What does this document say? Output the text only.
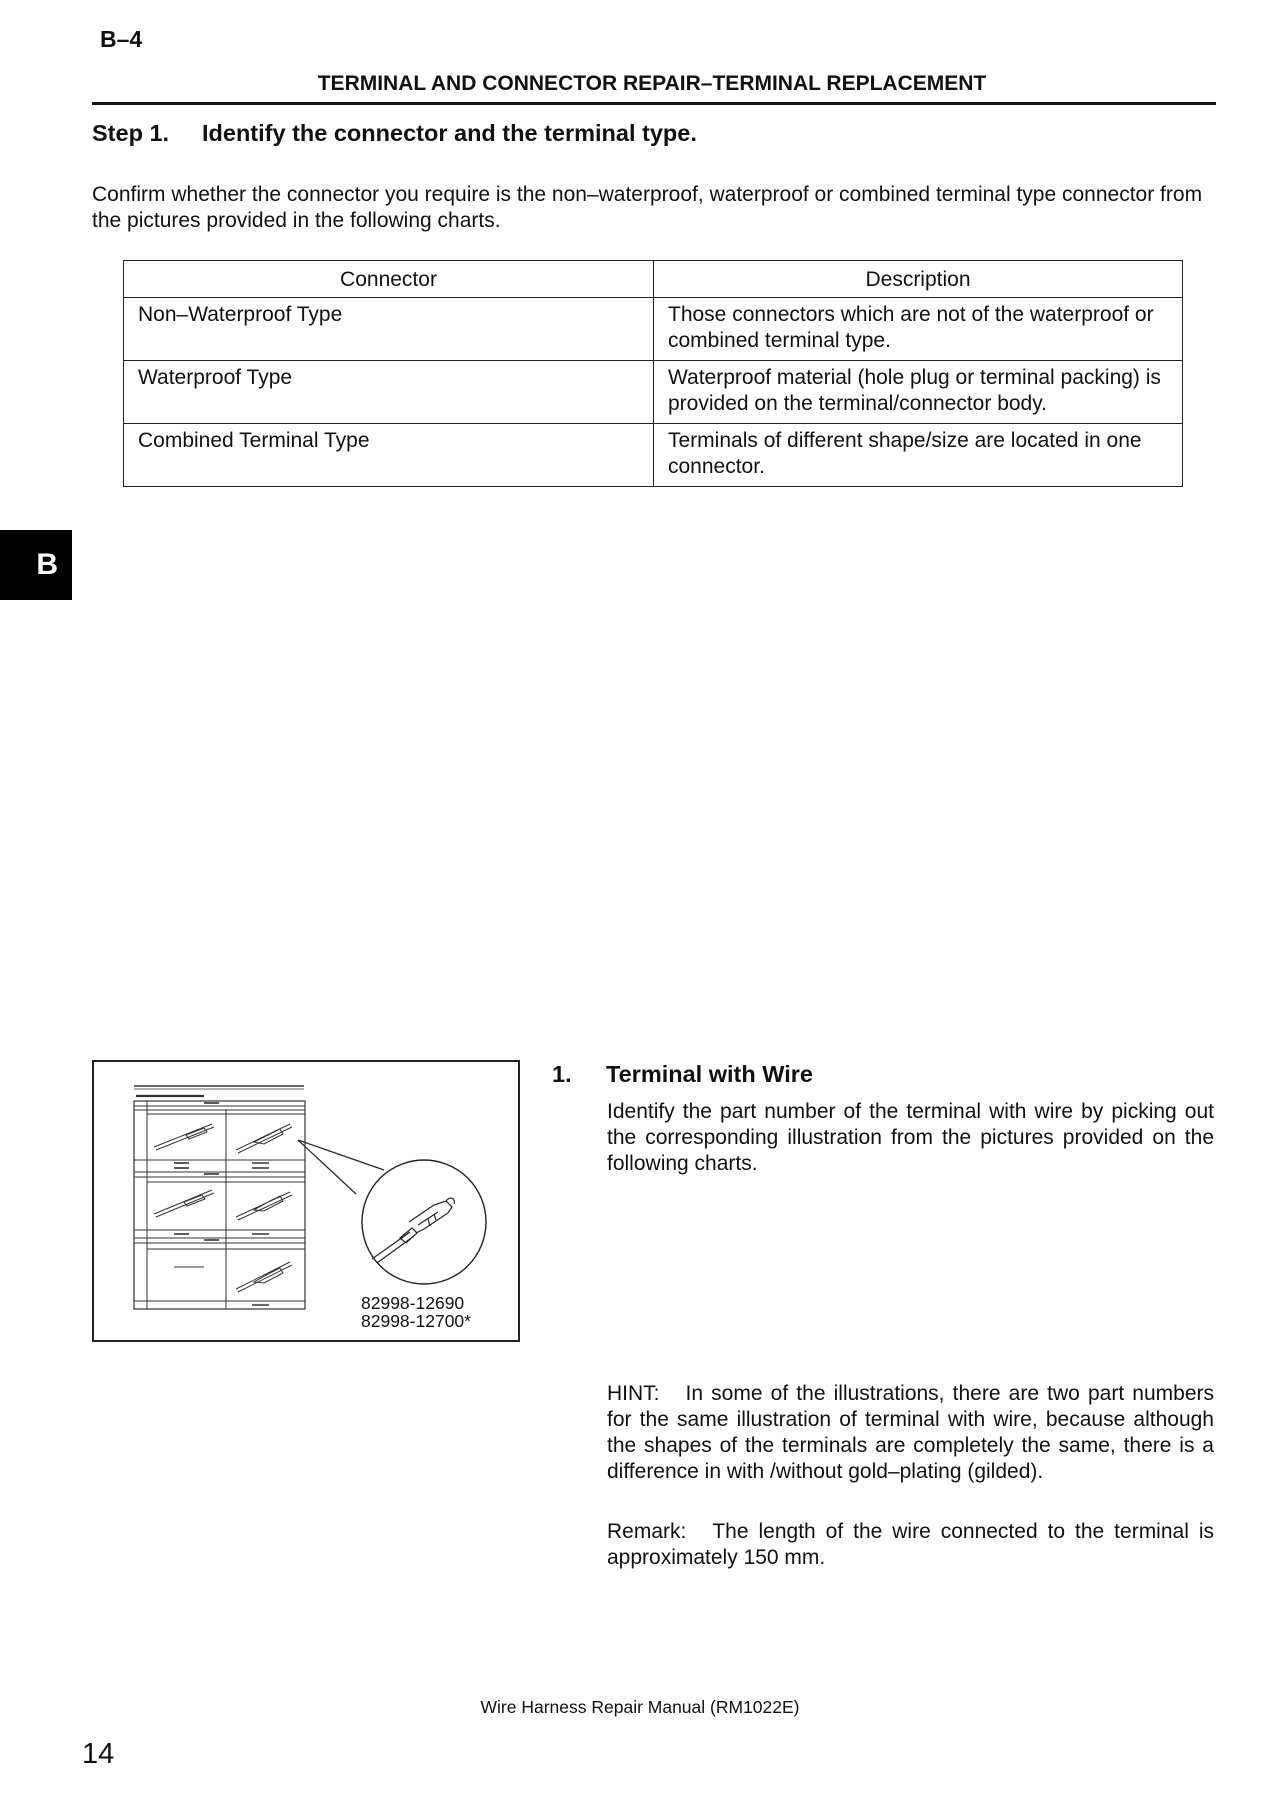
B–4
TERMINAL AND CONNECTOR REPAIR–TERMINAL REPLACEMENT
Step 1. Identify the connector and the terminal type.
Confirm whether the connector you require is the non–waterproof, waterproof or combined terminal type connector from the pictures provided in the following charts.
Connector	Description
Non–Waterproof Type	Those connectors which are not of the waterproof or combined terminal type.
Waterproof Type	Waterproof material (hole plug or terminal packing) is provided on the terminal/connector body.
Combined Terminal Type	Terminals of different shape/size are located in one connector.
B
82998-12690
82998-12700*
1. Terminal with Wire
Identify the part number of the terminal with wire by picking out the corresponding illustration from the pictures provided on the following charts.
HINT: In some of the illustrations, there are two part numbers for the same illustration of terminal with wire, because although the shapes of the terminals are completely the same, there is a difference in with /without gold–plating (gilded).
Remark: The length of the wire connected to the terminal is approximately 150 mm.
Wire Harness Repair Manual (RM1022E)
14
